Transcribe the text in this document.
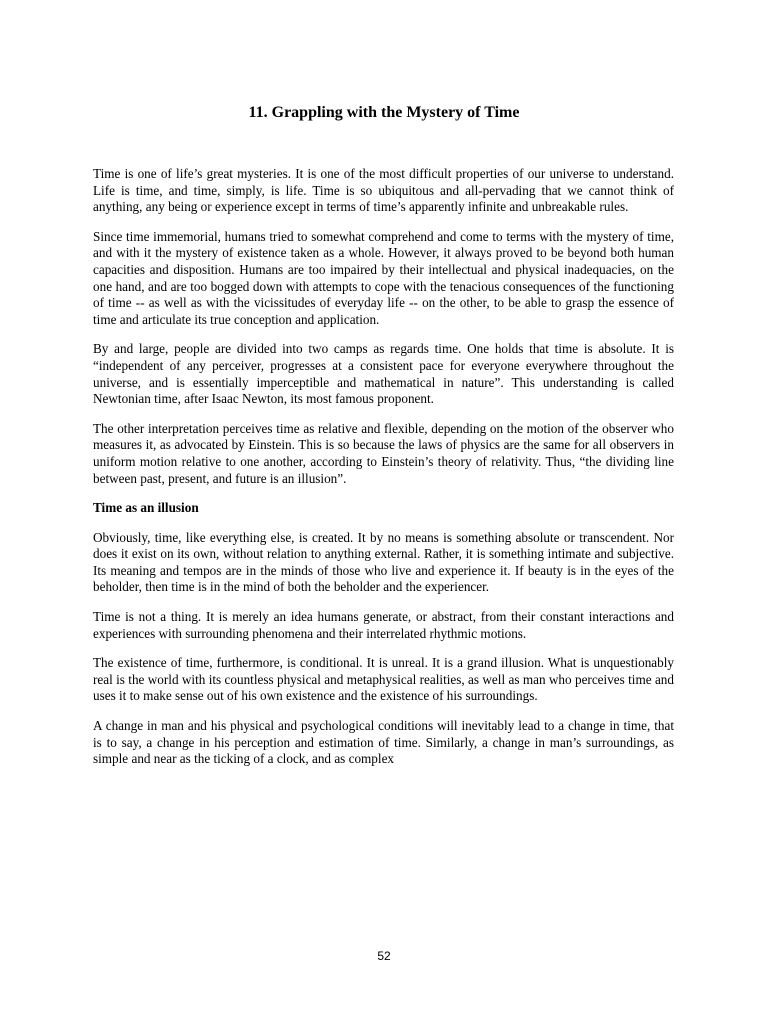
11. Grappling with the Mystery of Time

Time is one of life’s great mysteries. It is one of the most difficult properties of our universe to understand. Life is time, and time, simply, is life. Time is so ubiquitous and all-pervading that we cannot think of anything, any being or experience except in terms of time’s apparently infinite and unbreakable rules.

Since time immemorial, humans tried to somewhat comprehend and come to terms with the mystery of time, and with it the mystery of existence taken as a whole. However, it always proved to be beyond both human capacities and disposition. Humans are too impaired by their intellectual and physical inadequacies, on the one hand, and are too bogged down with attempts to cope with the tenacious consequences of the functioning of time -- as well as with the vicissitudes of everyday life -- on the other, to be able to grasp the essence of time and articulate its true conception and application.

By and large, people are divided into two camps as regards time. One holds that time is absolute. It is “independent of any perceiver, progresses at a consistent pace for everyone everywhere throughout the universe, and is essentially imperceptible and mathematical in nature”. This understanding is called Newtonian time, after Isaac Newton, its most famous proponent.

The other interpretation perceives time as relative and flexible, depending on the motion of the observer who measures it, as advocated by Einstein. This is so because the laws of physics are the same for all observers in uniform motion relative to one another, according to Einstein’s theory of relativity. Thus, “the dividing line between past, present, and future is an illusion”.

Time as an illusion

Obviously, time, like everything else, is created. It by no means is something absolute or transcendent. Nor does it exist on its own, without relation to anything external. Rather, it is something intimate and subjective. Its meaning and tempos are in the minds of those who live and experience it. If beauty is in the eyes of the beholder, then time is in the mind of both the beholder and the experiencer.

Time is not a thing. It is merely an idea humans generate, or abstract, from their constant interactions and experiences with surrounding phenomena and their interrelated rhythmic motions.

The existence of time, furthermore, is conditional. It is unreal. It is a grand illusion. What is unquestionably real is the world with its countless physical and metaphysical realities, as well as man who perceives time and uses it to make sense out of his own existence and the existence of his surroundings.

A change in man and his physical and psychological conditions will inevitably lead to a change in time, that is to say, a change in his perception and estimation of time. Similarly, a change in man’s surroundings, as simple and near as the ticking of a clock, and as complex

52
